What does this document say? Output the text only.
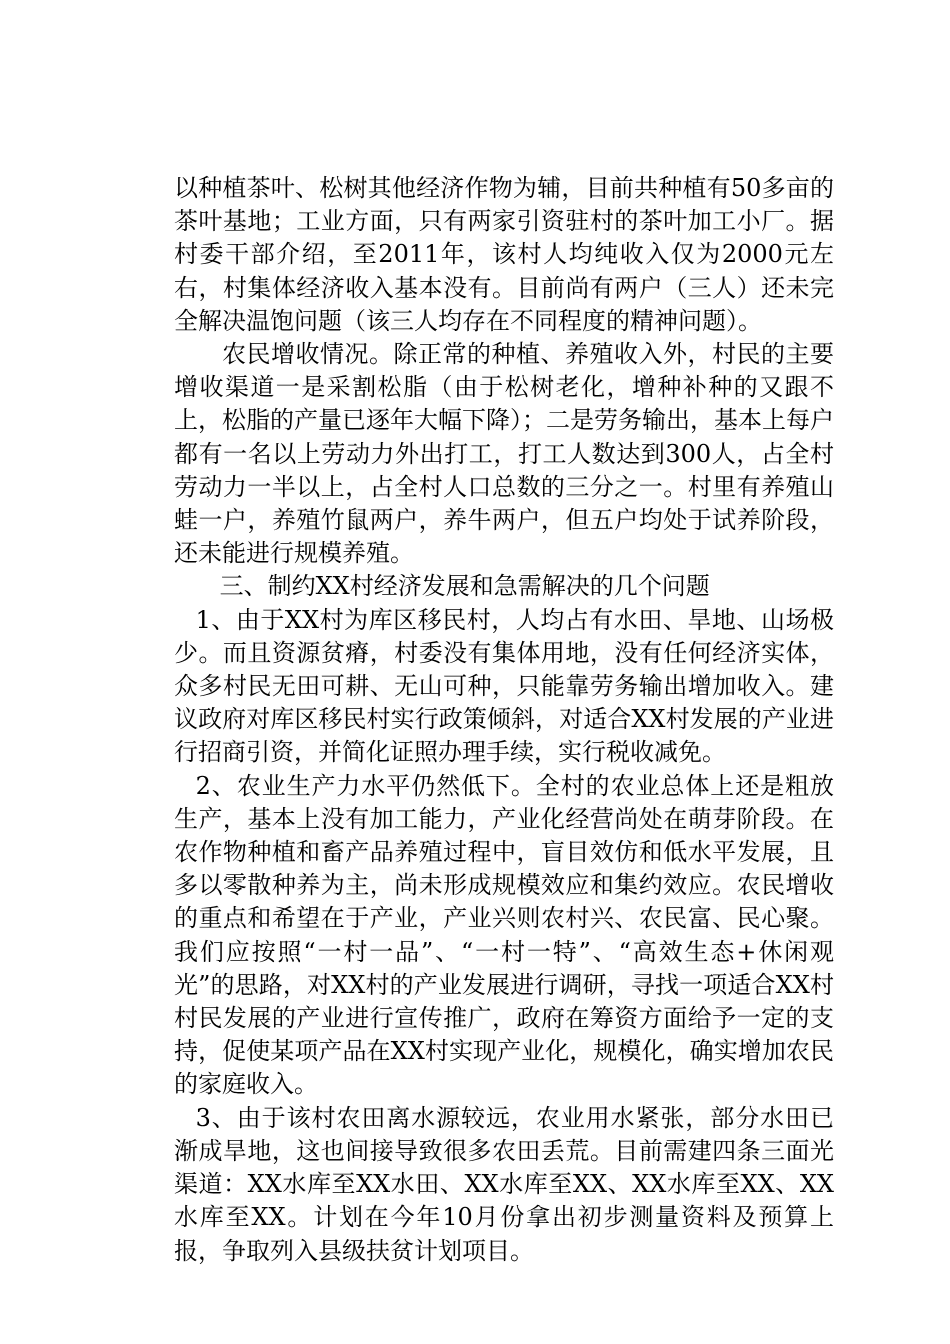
以种植茶叶、松树其他经济作物为辅，目前共种植有50多亩的茶叶基地；工业方面，只有两家引资驻村的茶叶加工小厂。据村委干部介绍，至2011年，该村人均纯收入仅为2000元左右，村集体经济收入基本没有。目前尚有两户（三人）还未完全解决温饱问题（该三人均存在不同程度的精神问题）。

农民增收情况。除正常的种植、养殖收入外，村民的主要增收渠道一是采割松脂（由于松树老化，增种补种的又跟不上，松脂的产量已逐年大幅下降）；二是劳务输出，基本上每户都有一名以上劳动力外出打工，打工人数达到300人，占全村劳动力一半以上，占全村人口总数的三分之一。村里有养殖山蛙一户，养殖竹鼠两户，养牛两户，但五户均处于试养阶段，还未能进行规模养殖。

三、制约XX村经济发展和急需解决的几个问题

1、由于XX村为库区移民村，人均占有水田、旱地、山场极少。而且资源贫瘠，村委没有集体用地，没有任何经济实体，众多村民无田可耕、无山可种，只能靠劳务输出增加收入。建议政府对库区移民村实行政策倾斜，对适合XX村发展的产业进行招商引资，并简化证照办理手续，实行税收减免。

2、农业生产力水平仍然低下。全村的农业总体上还是粗放生产，基本上没有加工能力，产业化经营尚处在萌芽阶段。在农作物种植和畜产品养殖过程中，盲目效仿和低水平发展，且多以零散种养为主，尚未形成规模效应和集约效应。农民增收的重点和希望在于产业，产业兴则农村兴、农民富、民心聚。我们应按照“一村一品”、“一村一特”、“高效生态+休闲观光”的思路，对XX村的产业发展进行调研，寻找一项适合XX村村民发展的产业进行宣传推广，政府在筹资方面给予一定的支持，促使某项产品在XX村实现产业化，规模化，确实增加农民的家庭收入。

3、由于该村农田离水源较远，农业用水紧张，部分水田已渐成旱地，这也间接导致很多农田丢荒。目前需建四条三面光渠道：XX水库至XX水田、XX水库至XX、XX水库至XX、XX水库至XX。计划在今年10月份拿出初步测量资料及预算上报，争取列入县级扶贫计划项目。
